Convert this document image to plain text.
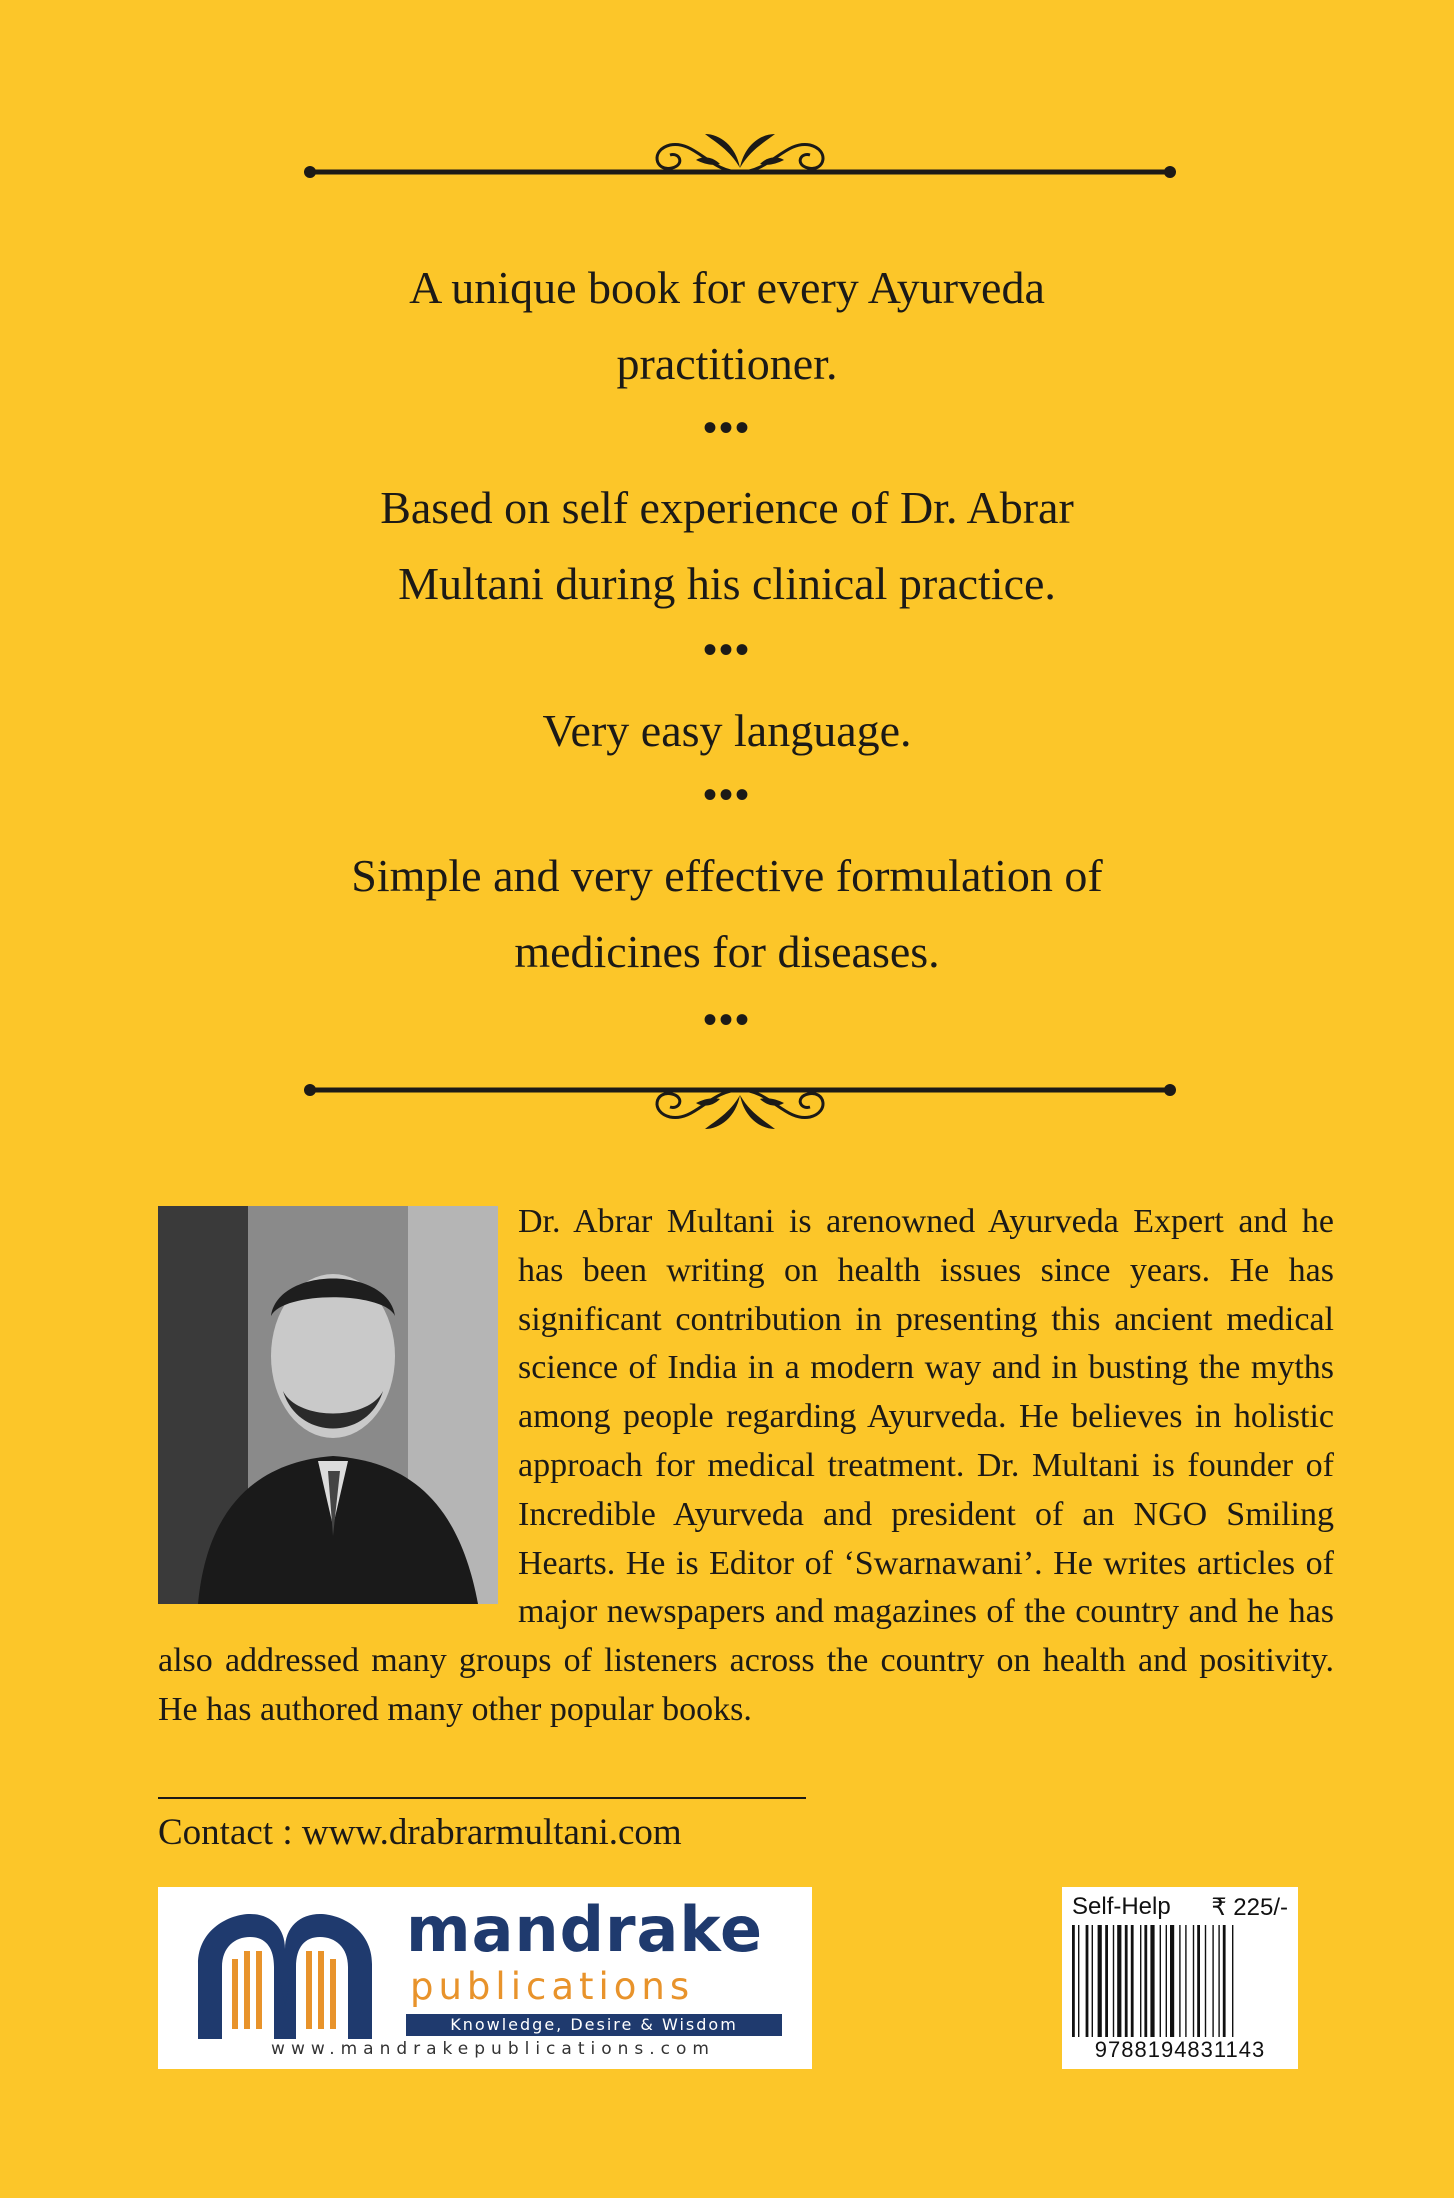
A unique book for every Ayurveda
practitioner.
•••
Based on self experience of Dr. Abrar
Multani during his clinical practice.
•••
Very easy language.
•••
Simple and very effective formulation of
medicines for diseases.
•••
Dr. Abrar Multani is arenowned Ayurveda Expert and he has been writing on health issues since years. He has significant contribution in presenting this ancient medical science of India in a modern way and in busting the myths among people regarding Ayurveda. He believes in holistic approach for medical treatment. Dr. Multani is founder of Incredible Ayurveda and president of an NGO Smiling Hearts. He is Editor of ‘Swarnawani’. He writes articles of major newspapers and magazines of the country and he has also addressed many groups of listeners across the country on health and positivity. He has authored many other popular books.
Contact : www.drabrarmultani.com
mandrake
publications
Knowledge, Desire & Wisdom
www.mandrakepublications.com
Self-Help ₹ 225/-
9788194831143
